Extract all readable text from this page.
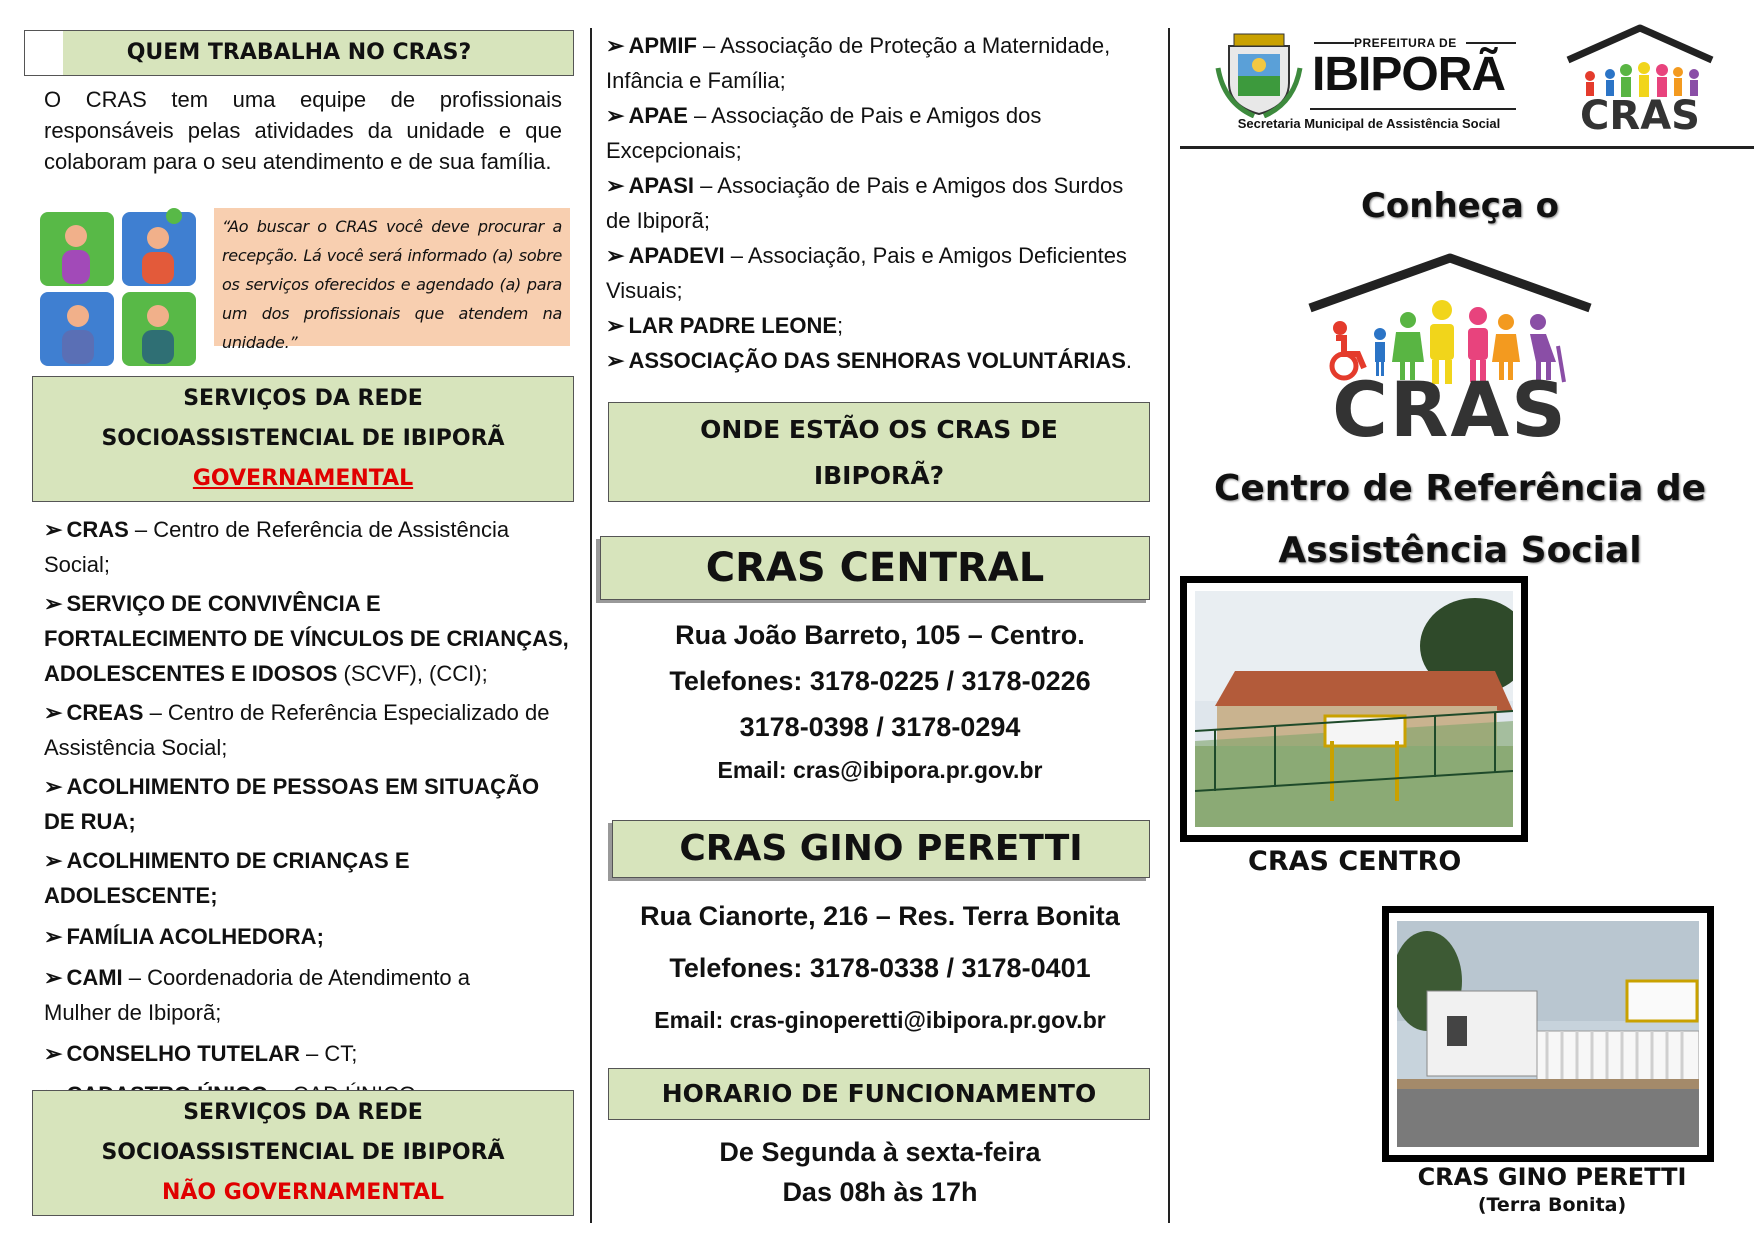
QUEM TRABALHA NO CRAS?
O CRAS tem uma equipe de profissionais responsáveis pelas atividades da unidade e que colaboram para o seu atendimento e de sua família.
“Ao buscar o CRAS você deve procurar a recepção. Lá você será informado (a) sobre os serviços oferecidos e agendado (a) para um dos profissionais que atendem na unidade.”
SERVIÇOS DA REDE
SOCIOASSISTENCIAL DE IBIPORÃ
GOVERNAMENTAL
➢ CRAS – Centro de Referência de Assistência Social;
➢ SERVIÇO DE CONVIVÊNCIA E FORTALECIMENTO DE VÍNCULOS DE CRIANÇAS, ADOLESCENTES E IDOSOS (SCVF), (CCI);
➢ CREAS – Centro de Referência Especializado de Assistência Social;
➢ ACOLHIMENTO DE PESSOAS EM SITUAÇÃO DE RUA;
➢ ACOLHIMENTO DE CRIANÇAS E ADOLESCENTE;
➢ FAMÍLIA ACOLHEDORA;
➢ CAMI – Coordenadoria de Atendimento a Mulher de Ibiporã;
➢ CONSELHO TUTELAR – CT;
SERVIÇOS DA REDE
SOCIOASSISTENCIAL DE IBIPORÃ
NÃO GOVERNAMENTAL
➢ APMIF – Associação de Proteção a Maternidade, Infância e Família;
➢ APAE – Associação de Pais e Amigos dos Excepcionais;
➢ APASI – Associação de Pais e Amigos dos Surdos de Ibiporã;
➢ APADEVI – Associação, Pais e Amigos Deficientes Visuais;
➢ LAR PADRE LEONE;
➢ ASSOCIAÇÃO DAS SENHORAS VOLUNTÁRIAS.
ONDE ESTÃO OS CRAS DE
IBIPORÃ?
CRAS CENTRAL
Rua João Barreto, 105 – Centro.
Telefones: 3178-0225 / 3178-0226
3178-0398 / 3178-0294
Email: cras@ibipora.pr.gov.br
CRAS GINO PERETTI
Rua Cianorte, 216 – Res. Terra Bonita
Telefones: 3178-0338 / 3178-0401
Email: cras-ginoperetti@ibipora.pr.gov.br
HORARIO DE FUNCIONAMENTO
De Segunda à sexta-feira
Das 08h às 17h
PREFEITURA DE
IBIPORÃ
Secretaria Municipal de Assistência Social	CRAS
Conheça o
CRAS
Centro de Referência de
Assistência Social
CRAS CENTRO
CRAS GINO PERETTI
(Terra Bonita)
